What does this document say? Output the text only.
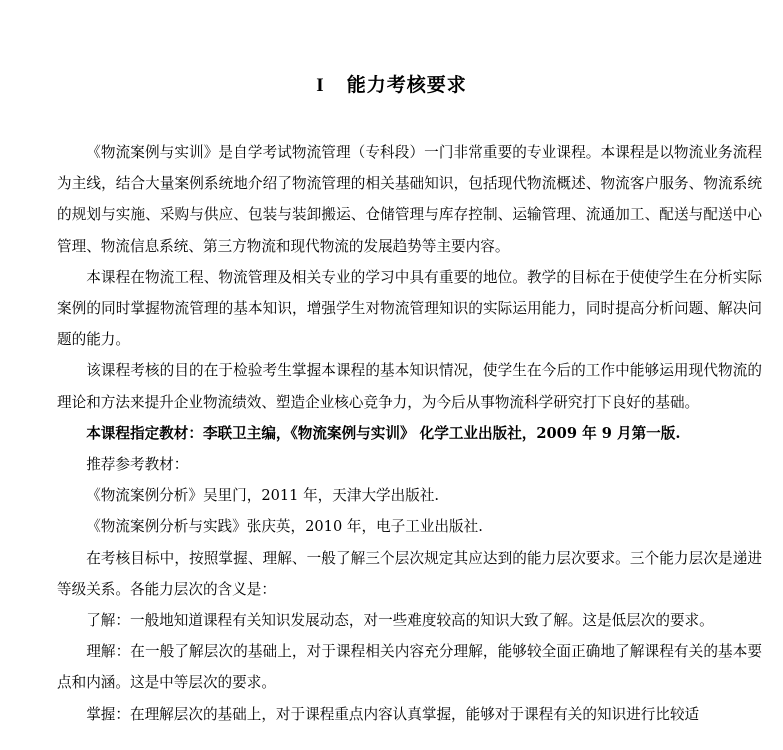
I 能力考核要求

《物流案例与实训》是自学考试物流管理（专科段）一门非常重要的专业课程。本课程是以物流业务流程为主线，结合大量案例系统地介绍了物流管理的相关基础知识，包括现代物流概述、物流客户服务、物流系统的规划与实施、采购与供应、包装与装卸搬运、仓储管理与库存控制、运输管理、流通加工、配送与配送中心管理、物流信息系统、第三方物流和现代物流的发展趋势等主要内容。

本课程在物流工程、物流管理及相关专业的学习中具有重要的地位。教学的目标在于使使学生在分析实际案例的同时掌握物流管理的基本知识，增强学生对物流管理知识的实际运用能力，同时提高分析问题、解决问题的能力。

该课程考核的目的在于检验考生掌握本课程的基本知识情况，使学生在今后的工作中能够运用现代物流的理论和方法来提升企业物流绩效、塑造企业核心竞争力，为今后从事物流科学研究打下良好的基础。

本课程指定教材：李联卫主编，《物流案例与实训》 化学工业出版社，2009 年 9 月第一版.

推荐参考教材：

《物流案例分析》吴里门，2011 年，天津大学出版社.

《物流案例分析与实践》张庆英，2010 年，电子工业出版社.

在考核目标中，按照掌握、理解、一般了解三个层次规定其应达到的能力层次要求。三个能力层次是递进等级关系。各能力层次的含义是：

了解：一般地知道课程有关知识发展动态，对一些难度较高的知识大致了解。这是低层次的要求。

理解：在一般了解层次的基础上，对于课程相关内容充分理解，能够较全面正确地了解课程有关的基本要点和内涵。这是中等层次的要求。

掌握：在理解层次的基础上，对于课程重点内容认真掌握，能够对于课程有关的知识进行比较适
